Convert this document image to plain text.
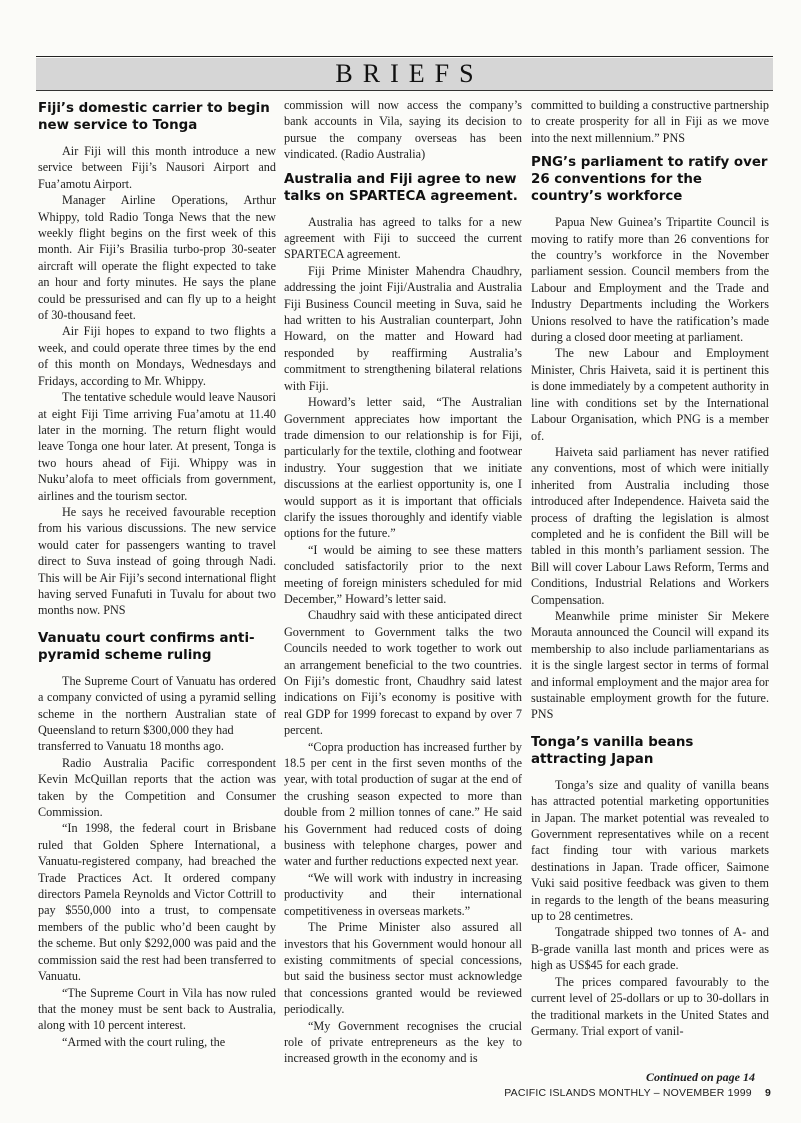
BRIEFS
Fiji’s domestic carrier to begin new service to Tonga

Air Fiji will this month introduce a new service between Fiji’s Nausori Airport and Fua’amotu Airport.

Manager Airline Operations, Arthur Whippy, told Radio Tonga News that the new weekly flight begins on the first week of this month. Air Fiji’s Brasilia turbo-prop 30-seater aircraft will operate the flight expected to take an hour and forty minutes. He says the plane could be pressurised and can fly up to a height of 30-thousand feet.

Air Fiji hopes to expand to two flights a week, and could operate three times by the end of this month on Mondays, Wednesdays and Fridays, according to Mr. Whippy.

The tentative schedule would leave Nausori at eight Fiji Time arriving Fua’amotu at 11.40 later in the morning. The return flight would leave Tonga one hour later. At present, Tonga is two hours ahead of Fiji. Whippy was in Nuku’alofa to meet officials from government, airlines and the tourism sector.

He says he received favourable reception from his various discussions. The new service would cater for passengers wanting to travel direct to Suva instead of going through Nadi. This will be Air Fiji’s second international flight having served Funafuti in Tuvalu for about two months now. PNS

Vanuatu court confirms anti-pyramid scheme ruling

The Supreme Court of Vanuatu has ordered a company convicted of using a pyramid selling scheme in the northern Australian state of Queensland to return $300,000 they had

transferred to Vanuatu 18 months ago.

Radio Australia Pacific correspondent Kevin McQuillan reports that the action was taken by the Competition and Consumer Commission.

“In 1998, the federal court in Brisbane ruled that Golden Sphere International, a Vanuatu-registered company, had breached the Trade Practices Act. It ordered company directors Pamela Reynolds and Victor Cottrill to pay $550,000 into a trust, to compensate members of the public who’d been caught by the scheme. But only $292,000 was paid and the commission said the rest had been transferred to Vanuatu.

“The Supreme Court in Vila has now ruled that the money must be sent back to Australia, along with 10 percent interest.

“Armed with the court ruling, the

commission will now access the company’s bank accounts in Vila, saying its decision to pursue the company overseas has been vindicated. (Radio Australia)

Australia and Fiji agree to new talks on SPARTECA agreement.

Australia has agreed to talks for a new agreement with Fiji to succeed the current SPARTECA agreement.

Fiji Prime Minister Mahendra Chaudhry, addressing the joint Fiji/Australia and Australia Fiji Business Council meeting in Suva, said he had written to his Australian counterpart, John Howard, on the matter and Howard had responded by reaffirming Australia’s commitment to strengthening bilateral relations with Fiji.

Howard’s letter said, “The Australian Government appreciates how important the trade dimension to our relationship is for Fiji, particularly for the textile, clothing and footwear industry. Your suggestion that we initiate discussions at the earliest opportunity is, one I would support as it is important that officials clarify the issues thoroughly and identify viable options for the future.”

“I would be aiming to see these matters concluded satisfactorily prior to the next meeting of foreign ministers scheduled for mid December,” Howard’s letter said.

Chaudhry said with these anticipated direct Government to Government talks the two Councils needed to work together to work out an arrangement beneficial to the two countries. On Fiji’s domestic front, Chaudhry said latest indications on Fiji’s economy is positive with real GDP for 1999 forecast to expand by over 7 percent.

“Copra production has increased further by 18.5 per cent in the first seven months of the year, with total production of sugar at the end of the crushing season expected to more than double from 2 million tonnes of cane.” He said his Government had reduced costs of doing business with telephone charges, power and water and further reductions expected next year.

“We will work with industry in increasing productivity and their international competitiveness in overseas markets.”

The Prime Minister also assured all investors that his Government would honour all existing commitments of special concessions, but said the business sector must acknowledge that concessions granted would be reviewed periodically.

“My Government recognises the crucial role of private entrepreneurs as the key to increased growth in the economy and is

committed to building a constructive partnership to create prosperity for all in Fiji as we move into the next millennium.” PNS

PNG’s parliament to ratify over 26 conventions for the country’s workforce

Papua New Guinea’s Tripartite Council is moving to ratify more than 26 conventions for the country’s workforce in the November parliament session. Council members from the Labour and Employment and the Trade and Industry Departments including the Workers Unions resolved to have the ratification’s made during a closed door meeting at parliament.

The new Labour and Employment Minister, Chris Haiveta, said it is pertinent this is done immediately by a competent authority in line with conditions set by the International Labour Organisation, which PNG is a member of.

Haiveta said parliament has never ratified any conventions, most of which were initially inherited from Australia including those introduced after Independence. Haiveta said the process of drafting the legislation is almost completed and he is confident the Bill will be tabled in this month’s parliament session. The Bill will cover Labour Laws Reform, Terms and Conditions, Industrial Relations and Workers Compensation.

Meanwhile prime minister Sir Mekere Morauta announced the Council will expand its membership to also include parliamentarians as it is the single largest sector in terms of formal and informal employment and the major area for sustainable employment growth for the future. PNS

Tonga’s vanilla beans attracting Japan

Tonga’s size and quality of vanilla beans has attracted potential marketing opportunities in Japan. The market potential was revealed to Government representatives while on a recent fact finding tour with various markets destinations in Japan. Trade officer, Saimone Vuki said positive feedback was given to them in regards to the length of the beans measuring up to 28 centimetres.

Tongatrade shipped two tonnes of A- and B-grade vanilla last month and prices were as high as US$45 for each grade.

The prices compared favourably to the current level of 25-dollars or up to 30-dollars in the traditional markets in the United States and Germany. Trial export of vanil-

Continued on page 14
PACIFIC ISLANDS MONTHLY – NOVEMBER 1999 9
